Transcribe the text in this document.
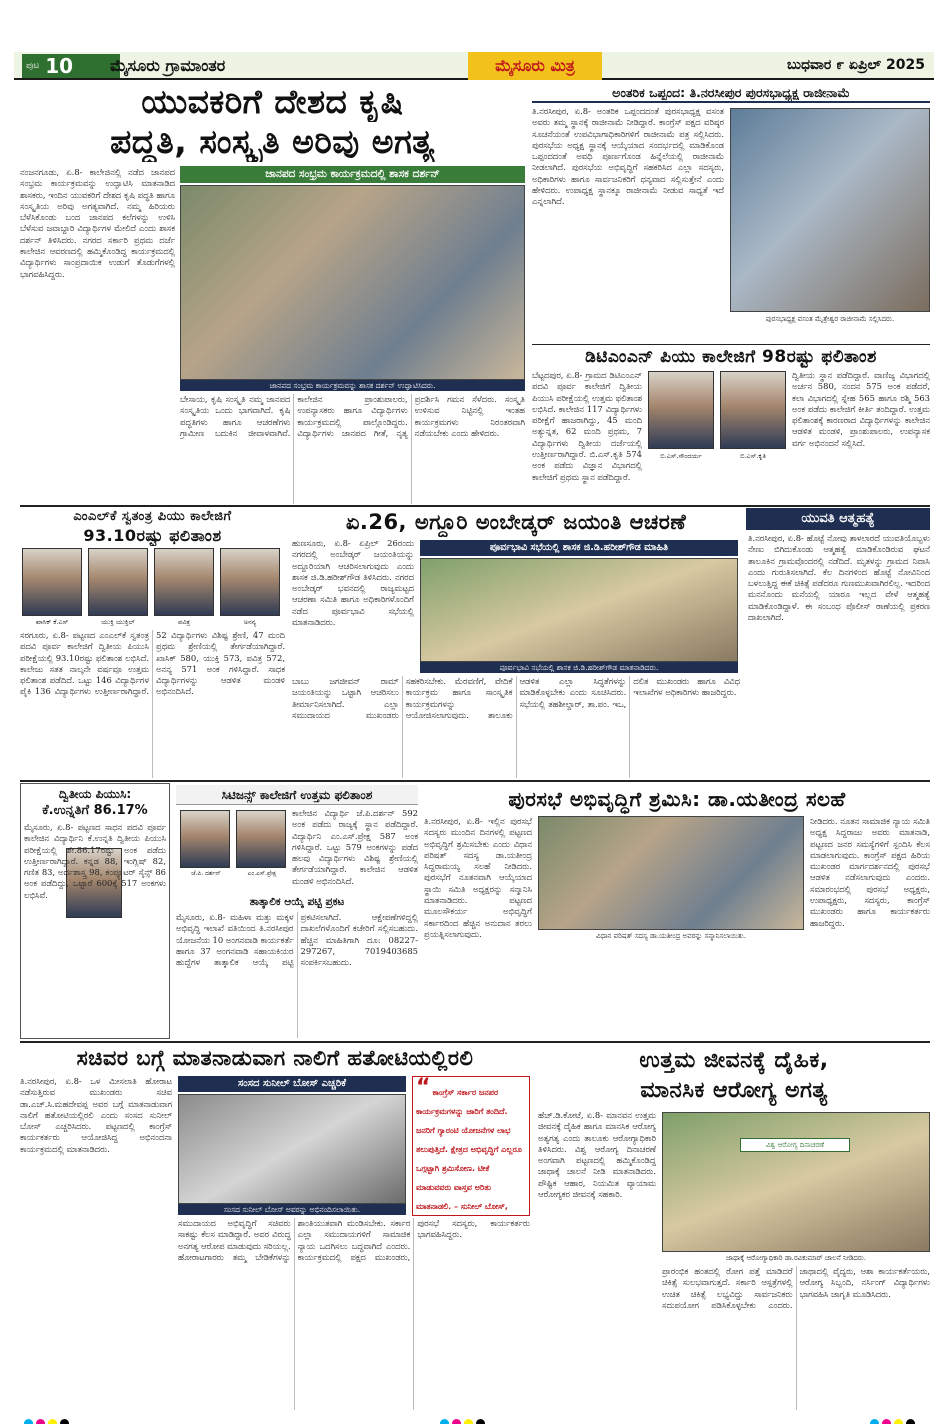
ಪುಟ 10 ಮೈಸೂರು ಗ್ರಾಮಾಂತರ	ಮೈಸೂರು ಮಿತ್ರ	ಬುಧವಾರ ೯ ಏಪ್ರಿಲ್ 2025
ಯುವಕರಿಗೆ ದೇಶದ ಕೃಷಿ
ಪದ್ಧತಿ, ಸಂಸ್ಕೃತಿ ಅರಿವು ಅಗತ್ಯ
ಜಾನಪದ ಸಂಭ್ರಮ ಕಾರ್ಯಕ್ರಮದಲ್ಲಿ ಶಾಸಕ ದರ್ಶನ್
ನಂಜನಗೂಡು, ಏ.8- ಕಾಲೇಜಿನಲ್ಲಿ ನಡೆದ ಜಾನಪದ ಸಂಭ್ರಮ ಕಾರ್ಯಕ್ರಮವನ್ನು ಉದ್ಘಾಟಿಸಿ ಮಾತನಾಡಿದ ಶಾಸಕರು, ಇಂದಿನ ಯುವಕರಿಗೆ ದೇಶದ ಕೃಷಿ ಪದ್ಧತಿ ಹಾಗೂ ಸಂಸ್ಕೃತಿಯ ಅರಿವು ಅಗತ್ಯವಾಗಿದೆ. ನಮ್ಮ ಹಿರಿಯರು ಬೆಳೆಸಿಕೊಂಡು ಬಂದ ಜಾನಪದ ಕಲೆಗಳನ್ನು ಉಳಿಸಿ ಬೆಳೆಸುವ ಜವಾಬ್ದಾರಿ ವಿದ್ಯಾರ್ಥಿಗಳ ಮೇಲಿದೆ ಎಂದು ಶಾಸಕ ದರ್ಶನ್ ತಿಳಿಸಿದರು. ನಗರದ ಸರ್ಕಾರಿ ಪ್ರಥಮ ದರ್ಜೆ ಕಾಲೇಜಿನ ಆವರಣದಲ್ಲಿ ಹಮ್ಮಿಕೊಂಡಿದ್ದ ಕಾರ್ಯಕ್ರಮದಲ್ಲಿ ವಿದ್ಯಾರ್ಥಿಗಳು ಸಾಂಪ್ರದಾಯಿಕ ಉಡುಗೆ ತೊಡುಗೆಗಳಲ್ಲಿ ಭಾಗವಹಿಸಿದ್ದರು.
ಜಾನಪದ ಸಂಭ್ರಮ ಕಾರ್ಯಕ್ರಮವನ್ನು ಶಾಸಕ ದರ್ಶನ್ ಉದ್ಘಾಟಿಸಿದರು.
ಬೇಸಾಯ, ಕೃಷಿ ಸಂಸ್ಕೃತಿ ನಮ್ಮ ಜಾನಪದ ಸಂಸ್ಕೃತಿಯ ಒಂದು ಭಾಗವಾಗಿದೆ. ಕೃಷಿ ಪದ್ಧತಿಗಳು ಹಾಗೂ ಆಚರಣೆಗಳು ಗ್ರಾಮೀಣ ಬದುಕಿನ ಜೀವಾಳವಾಗಿವೆ. ಕಾಲೇಜಿನ ಪ್ರಾಂಶುಪಾಲರು, ಉಪನ್ಯಾಸಕರು ಹಾಗೂ ವಿದ್ಯಾರ್ಥಿಗಳು ಕಾರ್ಯಕ್ರಮದಲ್ಲಿ ಪಾಲ್ಗೊಂಡಿದ್ದರು. ವಿದ್ಯಾರ್ಥಿಗಳು ಜಾನಪದ ಗೀತೆ, ನೃತ್ಯ ಪ್ರದರ್ಶಿಸಿ ಗಮನ ಸೆಳೆದರು. ಸಂಸ್ಕೃತಿ ಉಳಿಸುವ ನಿಟ್ಟಿನಲ್ಲಿ ಇಂತಹ ಕಾರ್ಯಕ್ರಮಗಳು ನಿರಂತರವಾಗಿ ನಡೆಯಬೇಕು ಎಂದು ಹೇಳಿದರು.
ಅಂತರಿಕ ಒಪ್ಪಂದ: ತಿ.ನರಸೀಪುರ ಪುರಸಭಾಧ್ಯಕ್ಷ ರಾಜೀನಾಮೆ
ತಿ.ನರಸೀಪುರ, ಏ.8- ಅಂತರಿಕ ಒಪ್ಪಂದದಂತೆ ಪುರಸಭಾಧ್ಯಕ್ಷ ವಸಂತ ಅವರು ತಮ್ಮ ಸ್ಥಾನಕ್ಕೆ ರಾಜೀನಾಮೆ ನೀಡಿದ್ದಾರೆ. ಕಾಂಗ್ರೆಸ್ ಪಕ್ಷದ ವರಿಷ್ಠರ ಸೂಚನೆಯಂತೆ ಉಪವಿಭಾಗಾಧಿಕಾರಿಗಳಿಗೆ ರಾಜೀನಾಮೆ ಪತ್ರ ಸಲ್ಲಿಸಿದರು. ಪುರಸಭೆಯ ಅಧ್ಯಕ್ಷ ಸ್ಥಾನಕ್ಕೆ ಆಯ್ಕೆಯಾದ ಸಂದರ್ಭದಲ್ಲಿ ಮಾಡಿಕೊಂಡ ಒಪ್ಪಂದದಂತೆ ಅವಧಿ ಪೂರ್ಣಗೊಂಡ ಹಿನ್ನೆಲೆಯಲ್ಲಿ ರಾಜೀನಾಮೆ ನೀಡಲಾಗಿದೆ. ಪುರಸಭೆಯ ಅಭಿವೃದ್ಧಿಗೆ ಸಹಕರಿಸಿದ ಎಲ್ಲಾ ಸದಸ್ಯರು, ಅಧಿಕಾರಿಗಳು ಹಾಗೂ ಸಾರ್ವಜನಿಕರಿಗೆ ಧನ್ಯವಾದ ಸಲ್ಲಿಸುತ್ತೇನೆ ಎಂದು ಹೇಳಿದರು. ಉಪಾಧ್ಯಕ್ಷ ಸ್ಥಾನಕ್ಕೂ ರಾಜೀನಾಮೆ ನೀಡುವ ಸಾಧ್ಯತೆ ಇದೆ ಎನ್ನಲಾಗಿದೆ.
ಪುರಸಭಾಧ್ಯಕ್ಷ ವಸಂತ ಮೈತ್ರೇಶ್ವರ ರಾಜೀನಾಮೆ ಸಲ್ಲಿಸಿದರು.
ಡಿಟಿಎಂಎನ್ ಪಿಯು ಕಾಲೇಜಿಗೆ 98ರಷ್ಟು ಫಲಿತಾಂಶ
ಬೆಟ್ಟದಪುರ, ಏ.8- ಗ್ರಾಮದ ಡಿಟಿಎಂಎನ್ ಪದವಿ ಪೂರ್ವ ಕಾಲೇಜಿಗೆ ದ್ವಿತೀಯ ಪಿಯುಸಿ ಪರೀಕ್ಷೆಯಲ್ಲಿ ಉತ್ತಮ ಫಲಿತಾಂಶ ಲಭಿಸಿದೆ. ಕಾಲೇಜಿನ 117 ವಿದ್ಯಾರ್ಥಿಗಳು ಪರೀಕ್ಷೆಗೆ ಹಾಜರಾಗಿದ್ದು, 45 ಮಂದಿ ಅತ್ಯುನ್ನತ, 62 ಮಂದಿ ಪ್ರಥಮ, 7 ವಿದ್ಯಾರ್ಥಿಗಳು ದ್ವಿತೀಯ ದರ್ಜೆಯಲ್ಲಿ ಉತ್ತೀರ್ಣರಾಗಿದ್ದಾರೆ. ಬಿ.ಎಸ್.ಕೃತಿ 574 ಅಂಕ ಪಡೆದು ವಿಜ್ಞಾನ ವಿಭಾಗದಲ್ಲಿ ಕಾಲೇಜಿಗೆ ಪ್ರಥಮ ಸ್ಥಾನ ಪಡೆದಿದ್ದಾರೆ.
ಬಿ.ಎಸ್.ಸೌಂದರ್ಯ	ಬಿ.ಎಸ್.ಕೃತಿ
ದ್ವಿತೀಯ ಸ್ಥಾನ ಪಡೆದಿದ್ದಾರೆ. ವಾಣಿಜ್ಯ ವಿಭಾಗದಲ್ಲಿ ಅರ್ಚನ 580, ನಂದನ 575 ಅಂಕ ಪಡೆದರೆ, ಕಲಾ ವಿಭಾಗದಲ್ಲಿ ಸ್ನೇಹ 565 ಹಾಗೂ ರಶ್ಮಿ 563 ಅಂಕ ಪಡೆದು ಕಾಲೇಜಿಗೆ ಕೀರ್ತಿ ತಂದಿದ್ದಾರೆ. ಉತ್ತಮ ಫಲಿತಾಂಶಕ್ಕೆ ಕಾರಣರಾದ ವಿದ್ಯಾರ್ಥಿಗಳನ್ನು ಕಾಲೇಜಿನ ಆಡಳಿತ ಮಂಡಳಿ, ಪ್ರಾಂಶುಪಾಲರು, ಉಪನ್ಯಾಸಕ ವರ್ಗ ಅಭಿನಂದನೆ ಸಲ್ಲಿಸಿದೆ.
ಎಂಎಲ್‌ಕೆ ಸ್ವತಂತ್ರ ಪಿಯು ಕಾಲೇಜಿಗೆ
93.10ರಷ್ಟು ಫಲಿತಾಂಶ
ಖಾಸಿಕ್ ಕೆ.ಎಸ್	ಯುಕ್ತಿ ಯುಕ್ತಿಲ್	ಪವಿತ್ರ	ಅನನ್ಯ
ಸರಗೂರು, ಏ.8- ಪಟ್ಟಣದ ಎಂಎಲ್‌ಕೆ ಸ್ವತಂತ್ರ ಪದವಿ ಪೂರ್ವ ಕಾಲೇಜಿಗೆ ದ್ವಿತೀಯ ಪಿಯುಸಿ ಪರೀಕ್ಷೆಯಲ್ಲಿ 93.10ರಷ್ಟು ಫಲಿತಾಂಶ ಲಭಿಸಿದೆ. ಕಾಲೇಜು ಸತತ ನಾಲ್ಕನೇ ವರ್ಷವೂ ಉತ್ತಮ ಫಲಿತಾಂಶ ಪಡೆದಿದೆ. ಒಟ್ಟು 146 ವಿದ್ಯಾರ್ಥಿಗಳ ಪೈಕಿ 136 ವಿದ್ಯಾರ್ಥಿಗಳು ಉತ್ತೀರ್ಣರಾಗಿದ್ದಾರೆ. 52 ವಿದ್ಯಾರ್ಥಿಗಳು ವಿಶಿಷ್ಟ ಶ್ರೇಣಿ, 47 ಮಂದಿ ಪ್ರಥಮ ಶ್ರೇಣಿಯಲ್ಲಿ ತೇರ್ಗಡೆಯಾಗಿದ್ದಾರೆ. ಖಾಸಿಕ್ 580, ಯುಕ್ತಿ 573, ಪವಿತ್ರ 572, ಅನನ್ಯ 571 ಅಂಕ ಗಳಿಸಿದ್ದಾರೆ. ಸಾಧಕ ವಿದ್ಯಾರ್ಥಿಗಳನ್ನು ಆಡಳಿತ ಮಂಡಳಿ ಅಭಿನಂದಿಸಿದೆ.
ಏ.26, ಅಗ್ದೂರಿ ಅಂಬೇಡ್ಕರ್ ಜಯಂತಿ ಆಚರಣೆ
ಪೂರ್ವಭಾವಿ ಸಭೆಯಲ್ಲಿ ಶಾಸಕ ಜಿ.ಡಿ.ಹರೀಶ್‌ಗೌಡ ಮಾಹಿತಿ
ಹುಣಸೂರು, ಏ.8- ಏಪ್ರಿಲ್ 26ರಂದು ನಗರದಲ್ಲಿ ಅಂಬೇಡ್ಕರ್ ಜಯಂತಿಯನ್ನು ಅದ್ದೂರಿಯಾಗಿ ಆಚರಿಸಲಾಗುವುದು ಎಂದು ಶಾಸಕ ಜಿ.ಡಿ.ಹರೀಶ್‌ಗೌಡ ತಿಳಿಸಿದರು. ನಗರದ ಅಂಬೇಡ್ಕರ್ ಭವನದಲ್ಲಿ ರಾಜ್ಯಮಟ್ಟದ ಆಚರಣಾ ಸಮಿತಿ ಹಾಗೂ ಅಧಿಕಾರಿಗಳೊಂದಿಗೆ ನಡೆದ ಪೂರ್ವಭಾವಿ ಸಭೆಯಲ್ಲಿ ಮಾತನಾಡಿದರು.
ಪೂರ್ವಭಾವಿ ಸಭೆಯಲ್ಲಿ ಶಾಸಕ ಜಿ.ಡಿ.ಹರೀಶ್‌ಗೌಡ ಮಾತನಾಡಿದರು.
ಬಾಬು ಜಗಜೀವನ್ ರಾಮ್ ಜಯಂತಿಯನ್ನು ಒಟ್ಟಾಗಿ ಆಚರಿಸಲು ತೀರ್ಮಾನಿಸಲಾಗಿದೆ. ಎಲ್ಲಾ ಸಮುದಾಯದ ಮುಖಂಡರು ಸಹಕರಿಸಬೇಕು. ಮೆರವಣಿಗೆ, ವೇದಿಕೆ ಕಾರ್ಯಕ್ರಮ ಹಾಗೂ ಸಾಂಸ್ಕೃತಿಕ ಕಾರ್ಯಕ್ರಮಗಳನ್ನು ಆಯೋಜಿಸಲಾಗುವುದು. ತಾಲೂಕು ಆಡಳಿತ ಎಲ್ಲಾ ಸಿದ್ಧತೆಗಳನ್ನು ಮಾಡಿಕೊಳ್ಳಬೇಕು ಎಂದು ಸೂಚಿಸಿದರು. ಸಭೆಯಲ್ಲಿ ತಹಶೀಲ್ದಾರ್, ತಾ.ಪಂ. ಇಒ, ದಲಿತ ಮುಖಂಡರು ಹಾಗೂ ವಿವಿಧ ಇಲಾಖೆಗಳ ಅಧಿಕಾರಿಗಳು ಹಾಜರಿದ್ದರು.
ಯುವತಿ ಆತ್ಮಹತ್ಯೆ
ತಿ.ನರಸೀಪುರ, ಏ.8- ಹೊಟ್ಟೆ ನೋವು ತಾಳಲಾರದೆ ಯುವತಿಯೊಬ್ಬಳು ನೇಣು ಬಿಗಿದುಕೊಂಡು ಆತ್ಮಹತ್ಯೆ ಮಾಡಿಕೊಂಡಿರುವ ಘಟನೆ ತಾಲೂಕಿನ ಗ್ರಾಮವೊಂದರಲ್ಲಿ ನಡೆದಿದೆ. ಮೃತಳನ್ನು ಗ್ರಾಮದ ನಿವಾಸಿ ಎಂದು ಗುರುತಿಸಲಾಗಿದೆ. ಕೆಲ ದಿನಗಳಿಂದ ಹೊಟ್ಟೆ ನೋವಿನಿಂದ ಬಳಲುತ್ತಿದ್ದ ಈಕೆ ಚಿಕಿತ್ಸೆ ಪಡೆದರೂ ಗುಣಮುಖವಾಗಿರಲಿಲ್ಲ. ಇದರಿಂದ ಮನನೊಂದು ಮನೆಯಲ್ಲಿ ಯಾರೂ ಇಲ್ಲದ ವೇಳೆ ಆತ್ಮಹತ್ಯೆ ಮಾಡಿಕೊಂಡಿದ್ದಾಳೆ. ಈ ಸಂಬಂಧ ಪೊಲೀಸ್ ಠಾಣೆಯಲ್ಲಿ ಪ್ರಕರಣ ದಾಖಲಾಗಿದೆ.
ದ್ವಿತೀಯ ಪಿಯುಸಿ:
ಕೆ.ಉನ್ನತಿಗೆ 86.17%
ಮೈಸೂರು, ಏ.8- ಪಟ್ಟಣದ ಸಾಧನ ಪದವಿ ಪೂರ್ವ ಕಾಲೇಜಿನ ವಿದ್ಯಾರ್ಥಿನಿ ಕೆ.ಉನ್ನತಿ ದ್ವಿತೀಯ ಪಿಯುಸಿ ಪರೀಕ್ಷೆಯಲ್ಲಿ ಶೇ.86.17ರಷ್ಟು ಅಂಕ ಪಡೆದು ಉತ್ತೀರ್ಣರಾಗಿದ್ದಾರೆ. ಕನ್ನಡ 88, ಇಂಗ್ಲಿಷ್ 82, ಗಣಿತ 83, ಅರ್ಥಶಾಸ್ತ್ರ 98, ಕಂಪ್ಯೂಟರ್ ಸೈನ್ಸ್ 86 ಅಂಕ ಪಡೆದಿದ್ದು, ಒಟ್ಟಾರೆ 600ಕ್ಕೆ 517 ಅಂಕಗಳು ಲಭಿಸಿವೆ.
ಸಿಟಿಜನ್ಸ್ ಕಾಲೇಜಿಗೆ ಉತ್ತಮ ಫಲಿತಾಂಶ
ಜೆ.ಪಿ. ದರ್ಶನ್	ಎಂ.ಎಸ್.ಪ್ರೇಕ್ಷ
ಕಾಲೇಜಿನ ವಿದ್ಯಾರ್ಥಿ ಜೆ.ಪಿ.ದರ್ಶನ್ 592 ಅಂಕ ಪಡೆದು ರಾಜ್ಯಕ್ಕೆ ಸ್ಥಾನ ಪಡೆದಿದ್ದಾರೆ. ವಿದ್ಯಾರ್ಥಿನಿ ಎಂ.ಎಸ್.ಪ್ರೇಕ್ಷ 587 ಅಂಕ ಗಳಿಸಿದ್ದಾರೆ. ಒಟ್ಟು 579 ಅಂಕಗಳನ್ನು ಪಡೆದ ಹಲವು ವಿದ್ಯಾರ್ಥಿಗಳು ವಿಶಿಷ್ಟ ಶ್ರೇಣಿಯಲ್ಲಿ ತೇರ್ಗಡೆಯಾಗಿದ್ದಾರೆ. ಕಾಲೇಜಿನ ಆಡಳಿತ ಮಂಡಳಿ ಅಭಿನಂದಿಸಿದೆ.
ತಾತ್ಕಾಲಿಕ ಆಯ್ಕೆ ಪಟ್ಟಿ ಪ್ರಕಟ
ಮೈಸೂರು, ಏ.8- ಮಹಿಳಾ ಮತ್ತು ಮಕ್ಕಳ ಅಭಿವೃದ್ಧಿ ಇಲಾಖೆ ವತಿಯಿಂದ ತಿ.ನರಸೀಪುರ ಯೋಜನೆಯ 10 ಅಂಗನವಾಡಿ ಕಾರ್ಯಕರ್ತೆ ಹಾಗೂ 37 ಅಂಗನವಾಡಿ ಸಹಾಯಕಿಯರ ಹುದ್ದೆಗಳ ತಾತ್ಕಾಲಿಕ ಆಯ್ಕೆ ಪಟ್ಟಿ ಪ್ರಕಟಿಸಲಾಗಿದೆ. ಆಕ್ಷೇಪಣೆಗಳಿದ್ದಲ್ಲಿ ದಾಖಲೆಗಳೊಂದಿಗೆ ಕಚೇರಿಗೆ ಸಲ್ಲಿಸಬಹುದು. ಹೆಚ್ಚಿನ ಮಾಹಿತಿಗಾಗಿ ದೂ: 08227-297267, 7019403685 ಸಂಪರ್ಕಿಸಬಹುದು.
ಪುರಸಭೆ ಅಭಿವೃದ್ಧಿಗೆ ಶ್ರಮಿಸಿ: ಡಾ.ಯತೀಂದ್ರ ಸಲಹೆ
ತಿ.ನರಸೀಪುರ, ಏ.8- ಇಲ್ಲಿನ ಪುರಸಭೆ ಸದಸ್ಯರು ಮುಂದಿನ ದಿನಗಳಲ್ಲಿ ಪಟ್ಟಣದ ಅಭಿವೃದ್ಧಿಗೆ ಶ್ರಮಿಸಬೇಕು ಎಂದು ವಿಧಾನ ಪರಿಷತ್ ಸದಸ್ಯ ಡಾ.ಯತೀಂದ್ರ ಸಿದ್ದರಾಮಯ್ಯ ಸಲಹೆ ನೀಡಿದರು. ಪುರಸಭೆಗೆ ನೂತನವಾಗಿ ಆಯ್ಕೆಯಾದ ಸ್ಥಾಯಿ ಸಮಿತಿ ಅಧ್ಯಕ್ಷರನ್ನು ಸನ್ಮಾನಿಸಿ ಮಾತನಾಡಿದರು. ಪಟ್ಟಣದ ಮೂಲಸೌಕರ್ಯ ಅಭಿವೃದ್ಧಿಗೆ ಸರ್ಕಾರದಿಂದ ಹೆಚ್ಚಿನ ಅನುದಾನ ತರಲು ಪ್ರಯತ್ನಿಸಲಾಗುವುದು.	ವಿಧಾನ ಪರಿಷತ್ ಸದಸ್ಯ ಡಾ.ಯತೀಂದ್ರ ಅವರನ್ನು ಸನ್ಮಾನಿಸಲಾಯಿತು.
ನೀಡಿದರು. ನೂತನ ಸಾಮಾಜಿಕ ನ್ಯಾಯ ಸಮಿತಿ ಅಧ್ಯಕ್ಷ ಸಿದ್ದರಾಜು ಅವರು ಮಾತನಾಡಿ, ಪಟ್ಟಣದ ಜನರ ಸಮಸ್ಯೆಗಳಿಗೆ ಸ್ಪಂದಿಸಿ ಕೆಲಸ ಮಾಡಲಾಗುವುದು. ಕಾಂಗ್ರೆಸ್ ಪಕ್ಷದ ಹಿರಿಯ ಮುಖಂಡರ ಮಾರ್ಗದರ್ಶನದಲ್ಲಿ ಪುರಸಭೆ ಆಡಳಿತ ನಡೆಸಲಾಗುವುದು ಎಂದರು. ಸಮಾರಂಭದಲ್ಲಿ ಪುರಸಭೆ ಅಧ್ಯಕ್ಷರು, ಉಪಾಧ್ಯಕ್ಷರು, ಸದಸ್ಯರು, ಕಾಂಗ್ರೆಸ್ ಮುಖಂಡರು ಹಾಗೂ ಕಾರ್ಯಕರ್ತರು ಹಾಜರಿದ್ದರು.
ಸಚಿವರ ಬಗ್ಗೆ ಮಾತನಾಡುವಾಗ ನಾಲಿಗೆ ಹತೋಟಿಯಲ್ಲಿರಲಿ
ತಿ.ನರಸೀಪುರ, ಏ.8- ಒಳ ಮೀಸಲಾತಿ ಹೋರಾಟ ನಡೆಸುತ್ತಿರುವ ಮುಖಂಡರು ಸಚಿವ ಡಾ.ಎಚ್.ಸಿ.ಮಹದೇವಪ್ಪ ಅವರ ಬಗ್ಗೆ ಮಾತನಾಡುವಾಗ ನಾಲಿಗೆ ಹತೋಟಿಯಲ್ಲಿರಲಿ ಎಂದು ಸಂಸದ ಸುನೀಲ್ ಬೋಸ್ ಎಚ್ಚರಿಸಿದರು. ಪಟ್ಟಣದಲ್ಲಿ ಕಾಂಗ್ರೆಸ್ ಕಾರ್ಯಕರ್ತರು ಆಯೋಜಿಸಿದ್ದ ಅಭಿನಂದನಾ ಕಾರ್ಯಕ್ರಮದಲ್ಲಿ ಮಾತನಾಡಿದರು.
ಸಂಸದ ಸುನೀಲ್ ಬೋಸ್ ಎಚ್ಚರಿಕೆ
ಸಂಸದ ಸುನೀಲ್ ಬೋಸ್ ಅವರನ್ನು ಅಭಿನಂದಿಸಲಾಯಿತು.
“ ಕಾಂಗ್ರೆಸ್ ಸರ್ಕಾರ ಜನಪರ ಕಾರ್ಯಕ್ರಮಗಳನ್ನು ಜಾರಿಗೆ ತಂದಿದೆ. ಜನರಿಗೆ ಗ್ಯಾರಂಟಿ ಯೋಜನೆಗಳ ಲಾಭ ತಲುಪುತ್ತಿದೆ. ಕ್ಷೇತ್ರದ ಅಭಿವೃದ್ಧಿಗೆ ಎಲ್ಲರೂ ಒಗ್ಗಟ್ಟಾಗಿ ಶ್ರಮಿಸೋಣ. ಟೀಕೆ ಮಾಡುವವರು ವಾಸ್ತವ ಅರಿತು ಮಾತನಾಡಲಿ. – ಸುನೀಲ್ ಬೋಸ್,
ಸಮುದಾಯದ ಅಭಿವೃದ್ಧಿಗೆ ಸಚಿವರು ಸಾಕಷ್ಟು ಕೆಲಸ ಮಾಡಿದ್ದಾರೆ. ಅವರ ವಿರುದ್ಧ ಅನಗತ್ಯ ಆರೋಪ ಮಾಡುವುದು ಸರಿಯಲ್ಲ. ಹೋರಾಟಗಾರರು ತಮ್ಮ ಬೇಡಿಕೆಗಳನ್ನು ಶಾಂತಿಯುತವಾಗಿ ಮಂಡಿಸಬೇಕು. ಸರ್ಕಾರ ಎಲ್ಲಾ ಸಮುದಾಯಗಳಿಗೆ ಸಾಮಾಜಿಕ ನ್ಯಾಯ ಒದಗಿಸಲು ಬದ್ಧವಾಗಿದೆ ಎಂದರು. ಕಾರ್ಯಕ್ರಮದಲ್ಲಿ ಪಕ್ಷದ ಮುಖಂಡರು, ಪುರಸಭೆ ಸದಸ್ಯರು, ಕಾರ್ಯಕರ್ತರು ಭಾಗವಹಿಸಿದ್ದರು.
ಉತ್ತಮ ಜೀವನಕ್ಕೆ ದೈಹಿಕ,
ಮಾನಸಿಕ ಆರೋಗ್ಯ ಅಗತ್ಯ
ಹೆಚ್.ಡಿ.ಕೋಟೆ, ಏ.8- ಮಾನವನ ಉತ್ತಮ ಜೀವನಕ್ಕೆ ದೈಹಿಕ ಹಾಗೂ ಮಾನಸಿಕ ಆರೋಗ್ಯ ಅತ್ಯಗತ್ಯ ಎಂದು ತಾಲೂಕು ಆರೋಗ್ಯಾಧಿಕಾರಿ ತಿಳಿಸಿದರು. ವಿಶ್ವ ಆರೋಗ್ಯ ದಿನಾಚರಣೆ ಅಂಗವಾಗಿ ಪಟ್ಟಣದಲ್ಲಿ ಹಮ್ಮಿಕೊಂಡಿದ್ದ ಜಾಥಾಕ್ಕೆ ಚಾಲನೆ ನೀಡಿ ಮಾತನಾಡಿದರು. ಪೌಷ್ಟಿಕ ಆಹಾರ, ನಿಯಮಿತ ವ್ಯಾಯಾಮ ಆರೋಗ್ಯಕರ ಜೀವನಕ್ಕೆ ಸಹಕಾರಿ.
ವಿಶ್ವ ಆರೋಗ್ಯ ದಿನಾಚರಣೆ
ಜಾಥಾಕ್ಕೆ ಆರೋಗ್ಯಾಧಿಕಾರಿ ಡಾ.ರವಿಕುಮಾರ್ ಚಾಲನೆ ನೀಡಿದರು.
ಪ್ರಾರಂಭಿಕ ಹಂತದಲ್ಲಿ ರೋಗ ಪತ್ತೆ ಮಾಡಿದರೆ ಚಿಕಿತ್ಸೆ ಸುಲಭವಾಗುತ್ತದೆ. ಸರ್ಕಾರಿ ಆಸ್ಪತ್ರೆಗಳಲ್ಲಿ ಉಚಿತ ಚಿಕಿತ್ಸೆ ಲಭ್ಯವಿದ್ದು ಸಾರ್ವಜನಿಕರು ಸದುಪಯೋಗ ಪಡಿಸಿಕೊಳ್ಳಬೇಕು ಎಂದರು. ಜಾಥಾದಲ್ಲಿ ವೈದ್ಯರು, ಆಶಾ ಕಾರ್ಯಕರ್ತೆಯರು, ಆರೋಗ್ಯ ಸಿಬ್ಬಂದಿ, ನರ್ಸಿಂಗ್ ವಿದ್ಯಾರ್ಥಿಗಳು ಭಾಗವಹಿಸಿ ಜಾಗೃತಿ ಮೂಡಿಸಿದರು.
